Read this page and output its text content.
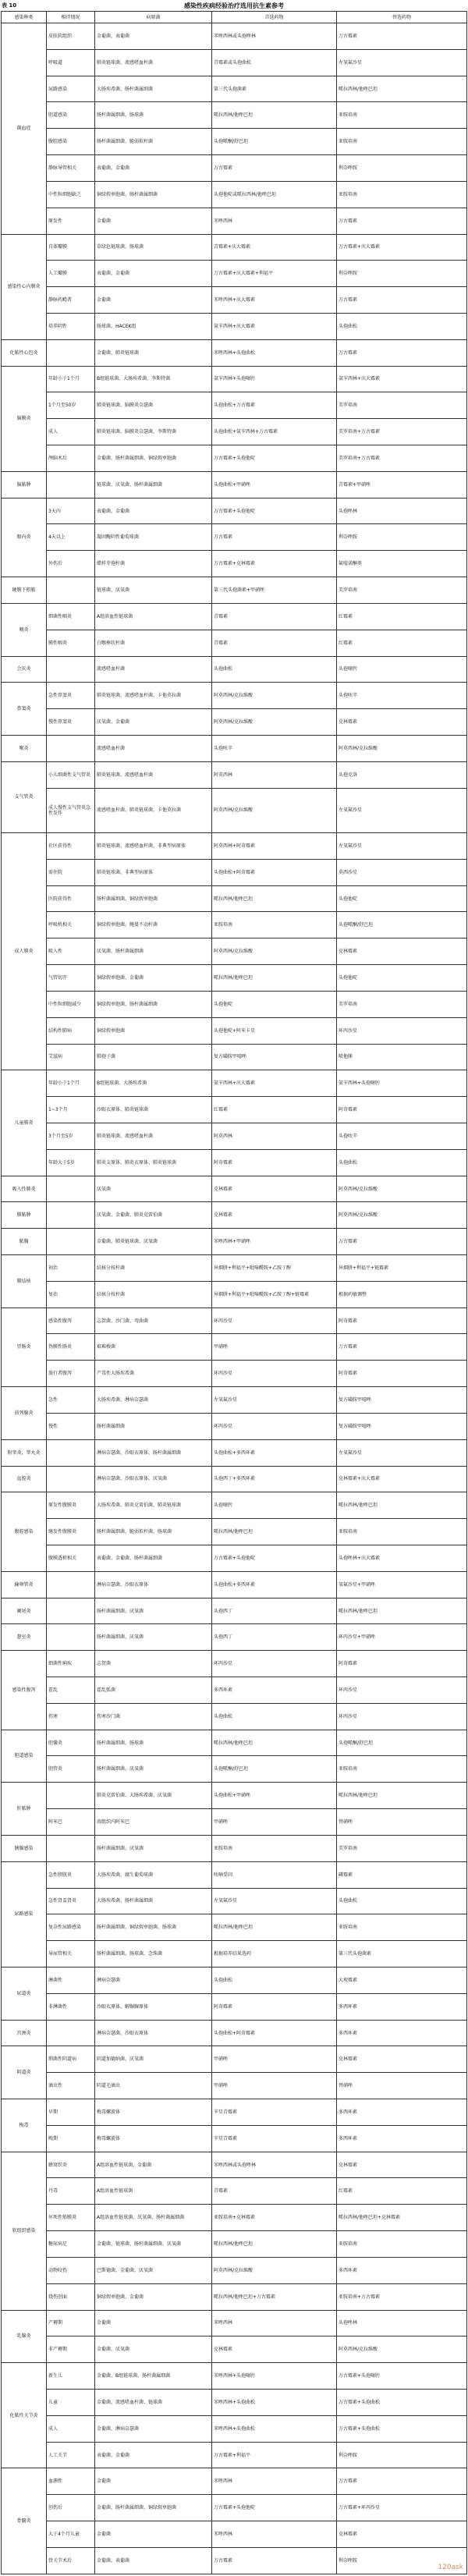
表 10	感染性疾病经验治疗选用抗生素参考
感染种类	相伴情况	病原菌	首选药物	替选药物
菌血症	皮肤软组织	金葡菌、表葡菌	苯唑西林或头孢唑林	万古霉素
	呼吸道	肺炎链球菌、流感嗜血杆菌	青霉素或头孢曲松	左氧氟沙星
	尿路感染	大肠埃希菌、肠杆菌属细菌	第三代头孢菌素	哌拉西林/他唑巴坦
	胆道感染	肠杆菌属细菌、肠球菌	哌拉西林/他唑巴坦	亚胺培南
	腹腔感染	肠杆菌属细菌、脆弱拟杆菌	头孢哌酮/舒巴坦	亚胺培南
	静脉导管相关	表葡菌、金葡菌	万古霉素	利奈唑胺
	中性粒细胞缺乏	铜绿假单胞菌、肠杆菌属细菌	头孢他啶或哌拉西林/他唑巴坦	亚胺培南
	原发性	金葡菌	苯唑西林	万古霉素
感染性心内膜炎	自体瓣膜	草绿色链球菌、肠球菌	青霉素+庆大霉素	万古霉素+庆大霉素
	人工瓣膜	表葡菌、金葡菌	万古霉素+庆大霉素+利福平	利奈唑胺
	静脉药瘾者	金葡菌	苯唑西林+庆大霉素	万古霉素
	培养阴性	肠球菌、HACEK组	氨苄西林+庆大霉素	头孢曲松
化脓性心包炎		金葡菌、肺炎链球菌	苯唑西林+头孢曲松	万古霉素
脑膜炎	年龄小于1个月	B组链球菌、大肠埃希菌、李斯特菌	氨苄西林+头孢噻肟	氨苄西林+庆大霉素
	1个月至50岁	肺炎链球菌、脑膜炎奈瑟菌	头孢曲松+万古霉素	美罗培南
	成人	肺炎链球菌、脑膜炎奈瑟菌、李斯特菌	头孢曲松+氨苄西林+万古霉素	美罗培南+万古霉素
	颅脑术后	金葡菌、肠杆菌属细菌、铜绿假单胞菌	万古霉素+头孢他啶	美罗培南+万古霉素
脑脓肿		链球菌、厌氧菌、肠杆菌属细菌	头孢曲松+甲硝唑	青霉素+甲硝唑
眼内炎	3天内	表葡菌、金葡菌	万古霉素+头孢他啶	头孢唑林
	4天以上	凝固酶阴性葡萄球菌	万古霉素	利奈唑胺
	外伤后	蜡样芽孢杆菌	万古霉素+克林霉素	氟喹诺酮类
硬膜下积脓		链球菌、厌氧菌	第三代头孢菌素+甲硝唑	美罗培南
咽炎	细菌性咽炎	A组溶血性链球菌	青霉素	红霉素
	膜性咽炎	白喉棒状杆菌	青霉素	红霉素
会厌炎		流感嗜血杆菌	头孢曲松	头孢噻肟
鼻窦炎	急性鼻窦炎	肺炎链球菌、流感嗜血杆菌、卡他莫拉菌	阿莫西林/克拉维酸	头孢呋辛
	慢性鼻窦炎	厌氧菌、金葡菌	阿莫西林/克拉维酸	克林霉素
喉炎		流感嗜血杆菌	头孢呋辛	阿莫西林/克拉维酸
支气管炎	小儿细菌性支气管炎	肺炎链球菌、流感嗜血杆菌	阿莫西林	头孢克洛
	成人慢性支气管炎急性发作	流感嗜血杆菌、肺炎链球菌、卡他莫拉菌	阿莫西林/克拉维酸	左氧氟沙星
成人肺炎	社区获得性	肺炎链球菌、流感嗜血杆菌、非典型病原体	阿莫西林+阿奇霉素	左氧氟沙星
	需住院	肺炎链球菌、非典型病原体	头孢曲松+阿奇霉素	莫西沙星
	医院获得性	肠杆菌属细菌、铜绿假单胞菌	哌拉西林/他唑巴坦	头孢他啶
	呼吸机相关	铜绿假单胞菌、鲍曼不动杆菌	亚胺培南	头孢哌酮/舒巴坦
	吸入性	厌氧菌、肠杆菌属细菌	阿莫西林/克拉维酸	克林霉素
	气管切开	铜绿假单胞菌、金葡菌	哌拉西林/他唑巴坦	头孢他啶
	中性粒细胞减少	铜绿假单胞菌、肠杆菌属细菌	头孢他啶	美罗培南
	结构性肺病	铜绿假单胞菌	头孢他啶+阿米卡星	环丙沙星
	艾滋病	肺孢子菌	复方磺胺甲噁唑	喷他脒
儿童肺炎	年龄小于1个月	B组链球菌、大肠埃希菌	氨苄西林+庆大霉素	氨苄西林+头孢噻肟
	1~3个月	沙眼衣原体、肺炎链球菌	红霉素	阿奇霉素
	3个月至5岁	肺炎链球菌、流感嗜血杆菌	阿莫西林	头孢呋辛
	年龄大于5岁	肺炎支原体、肺炎衣原体、肺炎链球菌	阿奇霉素	头孢曲松
吸入性肺炎		厌氧菌	克林霉素	阿莫西林/克拉维酸
肺脓肿		厌氧菌、金葡菌、肺炎克雷伯菌	克林霉素	阿莫西林/克拉维酸
脓胸		金葡菌、肺炎链球菌、厌氧菌	苯唑西林+甲硝唑	万古霉素
肺结核	初治	结核分枝杆菌	异烟肼+利福平+吡嗪酰胺+乙胺丁醇	异烟肼+利福平+链霉素
	复治	结核分枝杆菌	异烟肼+利福平+吡嗪酰胺+乙胺丁醇+链霉素	根据药敏调整
胃肠炎	感染性腹泻	志贺菌、沙门菌、弯曲菌	环丙沙星	阿奇霉素
	伪膜性肠炎	艰难梭菌	甲硝唑	万古霉素
	旅行者腹泻	产毒性大肠埃希菌	环丙沙星	阿奇霉素
前列腺炎	急性	大肠埃希菌、淋病奈瑟菌	左氧氟沙星	复方磺胺甲噁唑
	慢性	肠杆菌属细菌	环丙沙星	复方磺胺甲噁唑
附睾炎、睾丸炎		淋病奈瑟菌、沙眼衣原体、肠杆菌属细菌	头孢曲松+多西环素	左氧氟沙星
盆腔炎		淋病奈瑟菌、沙眼衣原体、厌氧菌	头孢西丁+多西环素	克林霉素+庆大霉素
腹腔感染	原发性腹膜炎	大肠埃希菌、肺炎克雷伯菌、肺炎链球菌	头孢噻肟	哌拉西林/他唑巴坦
	继发性腹膜炎	肠杆菌属细菌、脆弱拟杆菌、肠球菌	哌拉西林/他唑巴坦	亚胺培南
	腹膜透析相关	表葡菌、金葡菌、肠杆菌属细菌	万古霉素+头孢他啶	头孢唑林+庆大霉素
输卵管炎		淋病奈瑟菌、沙眼衣原体	头孢曲松+多西环素	氧氟沙星+甲硝唑
阑尾炎		肠杆菌属细菌、厌氧菌	头孢西丁	哌拉西林/他唑巴坦
憩室炎		肠杆菌属细菌、厌氧菌	头孢西丁	环丙沙星+甲硝唑
感染性腹泻	细菌性痢疾	志贺菌	环丙沙星	阿奇霉素
	霍乱	霍乱弧菌	多西环素	环丙沙星
	伤寒	伤寒沙门菌	头孢曲松	环丙沙星
胆道感染	胆囊炎	肠杆菌属细菌、肠球菌	哌拉西林/他唑巴坦	头孢哌酮/舒巴坦
	胆管炎	肠杆菌属细菌、厌氧菌	头孢哌酮/舒巴坦	亚胺培南
肝脓肿		肺炎克雷伯菌、大肠埃希菌、厌氧菌	头孢曲松+甲硝唑	哌拉西林/他唑巴坦
	阿米巴	溶组织内阿米巴	甲硝唑	替硝唑
胰腺感染		肠杆菌属细菌、厌氧菌	亚胺培南	美罗培南
尿路感染	急性膀胱炎	大肠埃希菌、腐生葡萄球菌	呋喃妥因	磷霉素
	急性肾盂肾炎	大肠埃希菌、肠杆菌属细菌	左氧氟沙星	头孢曲松
	复杂性尿路感染	肠杆菌属细菌、铜绿假单胞菌、肠球菌	哌拉西林/他唑巴坦	亚胺培南
	导尿管相关	肠杆菌属细菌、肠球菌、念珠菌	根据培养结果选药	第三代头孢菌素
尿道炎	淋菌性	淋病奈瑟菌	头孢曲松	大观霉素
	非淋菌性	沙眼衣原体、解脲脲原体	阿奇霉素	多西环素
宫颈炎		淋病奈瑟菌、沙眼衣原体	头孢曲松+阿奇霉素	多西环素
阴道炎	细菌性阴道病	阴道加德纳菌、厌氧菌	甲硝唑	克林霉素
	滴虫性	阴道毛滴虫	甲硝唑	替硝唑
梅毒	早期	梅毒螺旋体	苄星青霉素	多西环素
	晚期	梅毒螺旋体	苄星青霉素	多西环素
软组织感染	蜂窝织炎	A组溶血性链球菌、金葡菌	苯唑西林或头孢唑林	克林霉素
	丹毒	A组溶血性链球菌	青霉素	红霉素
	坏死性筋膜炎	A组溶血性链球菌、厌氧菌、肠杆菌属细菌	亚胺培南+克林霉素	哌拉西林/他唑巴坦+克林霉素
	糖尿病足	金葡菌、链球菌、肠杆菌属细菌、厌氧菌	哌拉西林/他唑巴坦	亚胺培南
	动物咬伤	巴斯德菌、金葡菌、厌氧菌	阿莫西林/克拉维酸	多西环素
	烧伤创面	铜绿假单胞菌、金葡菌	哌拉西林/他唑巴坦+万古霉素	亚胺培南+万古霉素
乳腺炎	产褥期	金葡菌	苯唑西林	头孢唑林
	非产褥期	金葡菌、厌氧菌	克林霉素	阿莫西林/克拉维酸
化脓性关节炎	新生儿	金葡菌、B组链球菌、肠杆菌属细菌	苯唑西林+头孢噻肟	万古霉素+头孢噻肟
	儿童	金葡菌、流感嗜血杆菌、链球菌	苯唑西林+头孢曲松	万古霉素+头孢曲松
	成人	金葡菌、淋病奈瑟菌	苯唑西林+头孢曲松	万古霉素+头孢曲松
	人工关节	表葡菌、金葡菌	万古霉素+利福平	利奈唑胺
骨髓炎	血源性	金葡菌	苯唑西林	万古霉素
	创伤后	金葡菌、肠杆菌属细菌、铜绿假单胞菌	万古霉素+头孢他啶	万古霉素+环丙沙星
	大于4个月儿童	金葡菌	苯唑西林	克林霉素
	骨关节术后	金葡菌、表葡菌	万古霉素	利奈唑胺
120ask
